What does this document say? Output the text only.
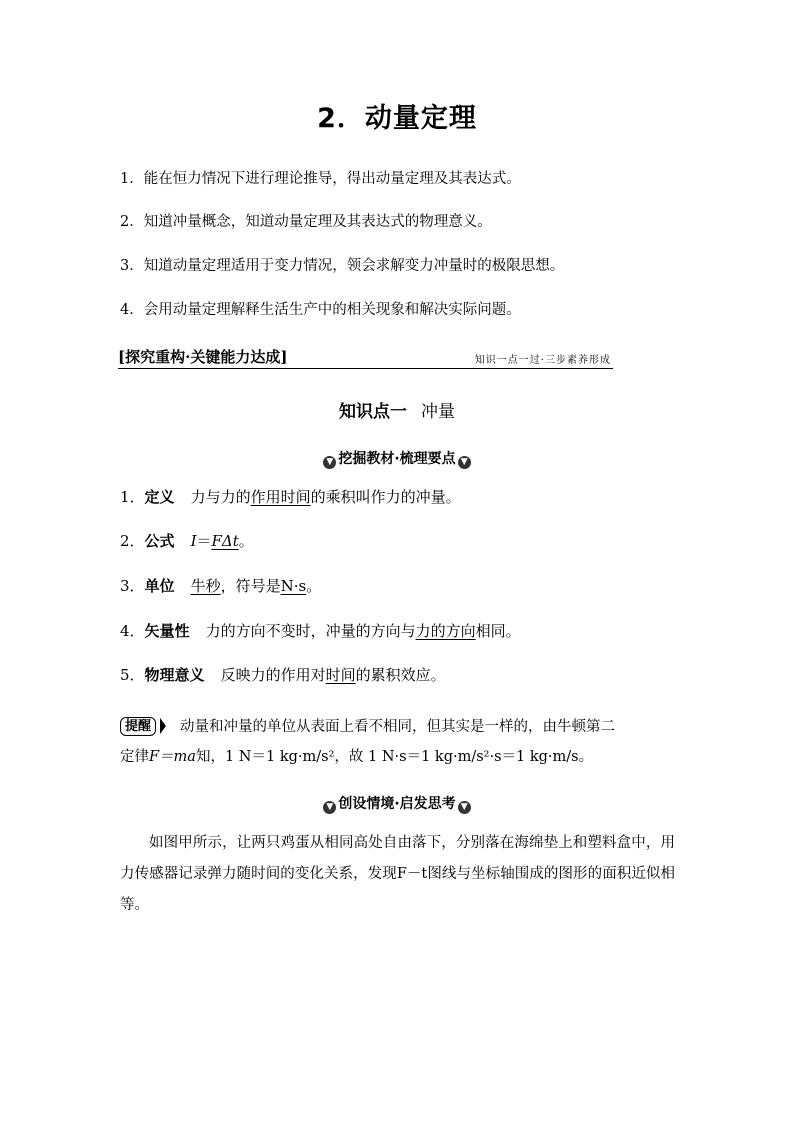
2．动量定理
1．能在恒力情况下进行理论推导，得出动量定理及其表达式。
2．知道冲量概念，知道动量定理及其表达式的物理意义。
3．知道动量定理适用于变力情况，领会求解变力冲量时的极限思想。
4．会用动量定理解释生活生产中的相关现象和解决实际问题。
[探究重构·关键能力达成]	知识一点一过·三步素养形成
知识点一 冲量
▼ 挖掘教材·梳理要点 ▼
1．定义 力与力的作用时间的乘积叫作力的冲量。
2．公式 I＝FΔt。
3．单位 牛秒，符号是N·s。
4．矢量性 力的方向不变时，冲量的方向与力的方向相同。
5．物理意义 反映力的作用对时间的累积效应。
提醒 动量和冲量的单位从表面上看不相同，但其实是一样的，由牛顿第二
定律F＝ma知，1 N＝1 kg·m/s²，故 1 N·s＝1 kg·m/s²·s＝1 kg·m/s。
▼ 创设情境·启发思考 ▼
如图甲所示，让两只鸡蛋从相同高处自由落下，分别落在海绵垫上和塑料盒中，用力传感器记录弹力随时间的变化关系，发现F－t图线与坐标轴围成的图形的面积近似相等。
